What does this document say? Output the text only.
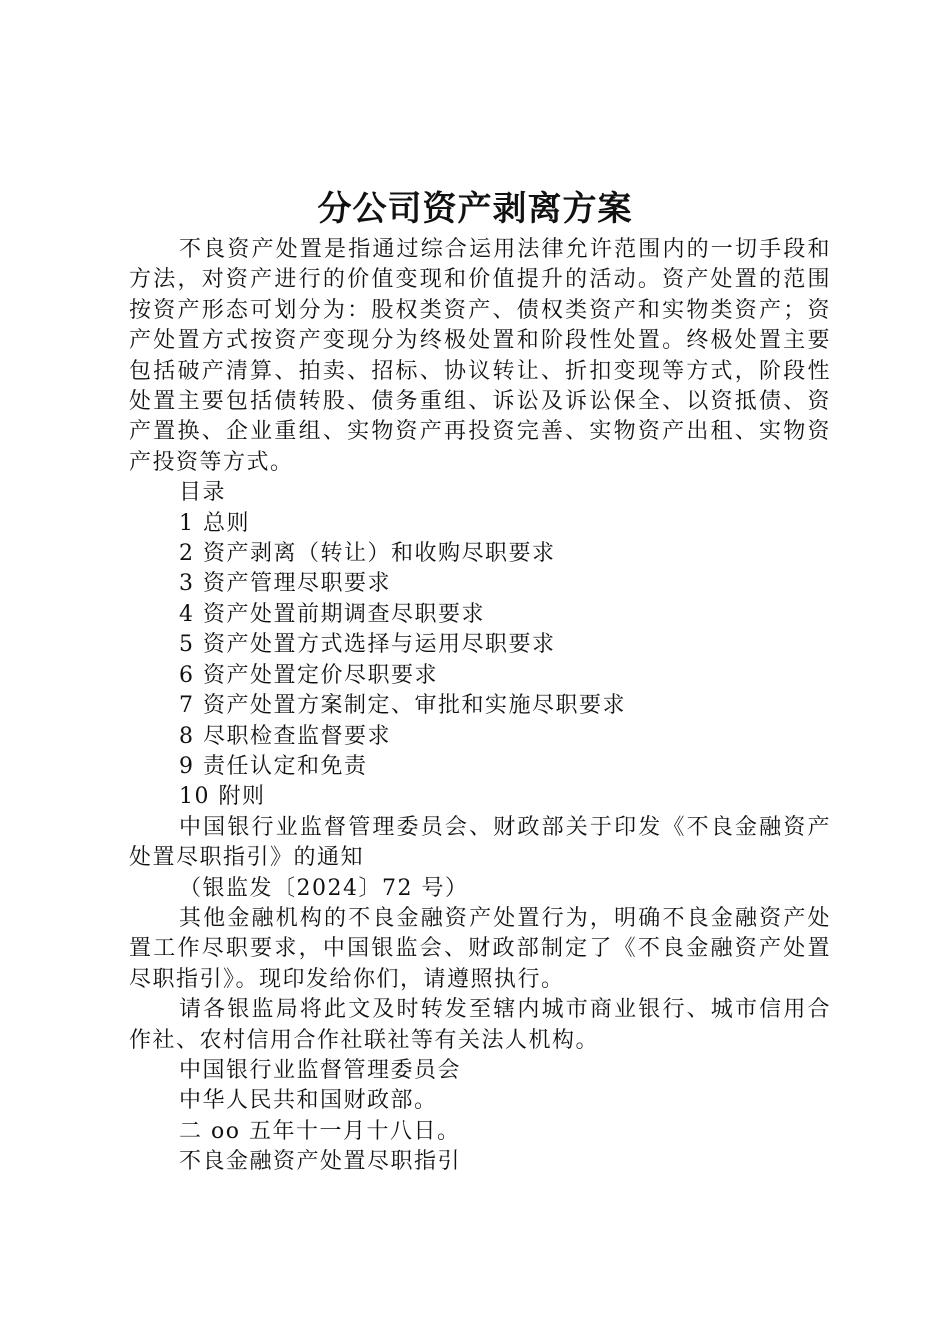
分公司资产剥离方案

不良资产处置是指通过综合运用法律允许范围内的一切手段和方法，对资产进行的价值变现和价值提升的活动。资产处置的范围按资产形态可划分为：股权类资产、债权类资产和实物类资产；资产处置方式按资产变现分为终极处置和阶段性处置。终极处置主要包括破产清算、拍卖、招标、协议转让、折扣变现等方式，阶段性处置主要包括债转股、债务重组、诉讼及诉讼保全、以资抵债、资产置换、企业重组、实物资产再投资完善、实物资产出租、实物资产投资等方式。

目录

1 总则

2 资产剥离（转让）和收购尽职要求

3 资产管理尽职要求

4 资产处置前期调查尽职要求

5 资产处置方式选择与运用尽职要求

6 资产处置定价尽职要求

7 资产处置方案制定、审批和实施尽职要求

8 尽职检查监督要求

9 责任认定和免责

10 附则

中国银行业监督管理委员会、财政部关于印发《不良金融资产处置尽职指引》的通知

（银监发〔2024〕72 号）

其他金融机构的不良金融资产处置行为，明确不良金融资产处置工作尽职要求，中国银监会、财政部制定了《不良金融资产处置尽职指引》。现印发给你们，请遵照执行。

请各银监局将此文及时转发至辖内城市商业银行、城市信用合作社、农村信用合作社联社等有关法人机构。

中国银行业监督管理委员会

中华人民共和国财政部。

二 oo 五年十一月十八日。

不良金融资产处置尽职指引
